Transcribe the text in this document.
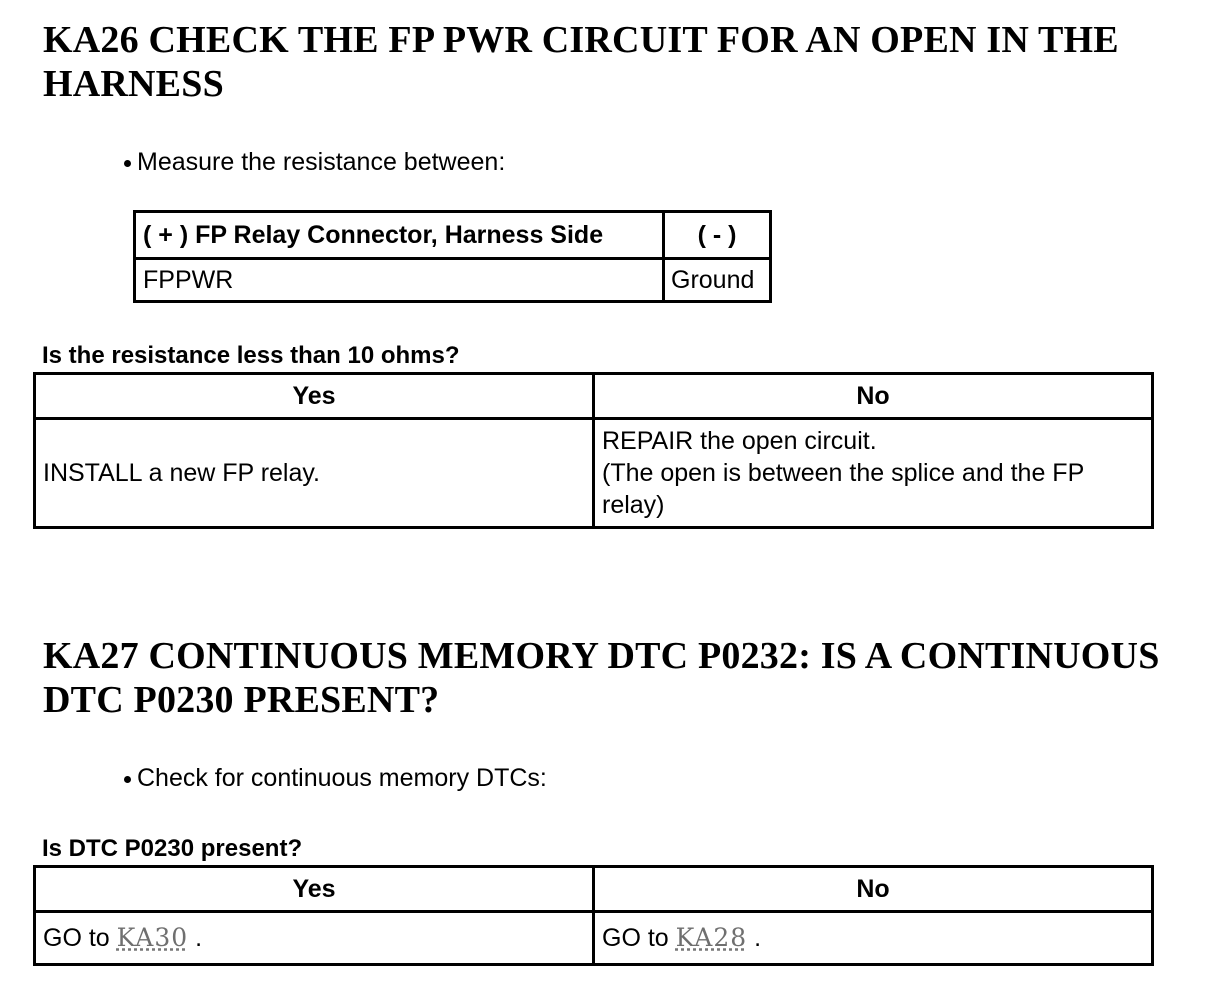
KA26 CHECK THE FP PWR CIRCUIT FOR AN OPEN IN THE HARNESS
Measure the resistance between:
( + ) FP Relay Connector, Harness Side	( - )
FPPWR	Ground
Is the resistance less than 10 ohms?
Yes	No
INSTALL a new FP relay.	REPAIR the open circuit.
(The open is between the splice and the FP relay)
KA27 CONTINUOUS MEMORY DTC P0232: IS A CONTINUOUS DTC P0230 PRESENT?
Check for continuous memory DTCs:
Is DTC P0230 present?
Yes	No
GO to KA30 .	GO to KA28 .
